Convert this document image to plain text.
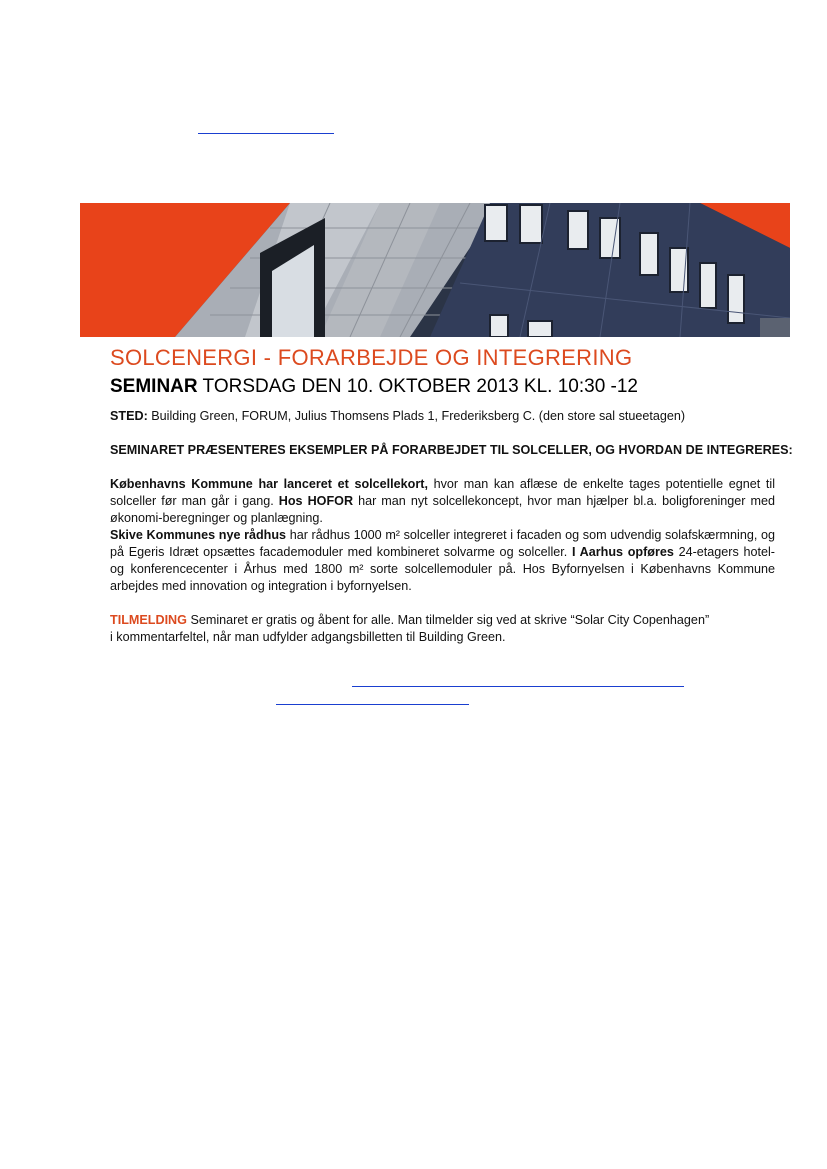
SOLCENERGI - FORARBEJDE OG INTEGRERING
SEMINAR TORSDAG DEN 10. OKTOBER 2013 KL. 10:30 -12

STED: Building Green, FORUM, Julius Thomsens Plads 1, Frederiksberg C. (den store sal stueetagen)

SEMINARET PRÆSENTERES EKSEMPLER PÅ FORARBEJDET TIL SOLCELLER, OG HVORDAN DE INTEGRERES:

Københavns Kommune har lanceret et solcellekort, hvor man kan aflæse de enkelte tages potentielle egnet til solceller før man går i gang. Hos HOFOR har man nyt solcellekoncept, hvor man hjælper bl.a. boligforeninger med økonomi-beregninger og planlægning.
Skive Kommunes nye rådhus har rådhus 1000 m² solceller integreret i facaden og som udvendig solafskærmning, og på Egeris Idræt opsættes facademoduler med kombineret solvarme og solceller. I Aarhus opføres 24-etagers hotel- og konferencecenter i Århus med 1800 m² sorte solcellemoduler på. Hos Byfornyelsen i Københavns Kommune arbejdes med innovation og integration i byfornyelsen.

TILMELDING Seminaret er gratis og åbent for alle. Man tilmelder sig ved at skrive “Solar City Copenhagen”
i kommentarfeltel, når man udfylder adgangsbilletten til Building Green.
